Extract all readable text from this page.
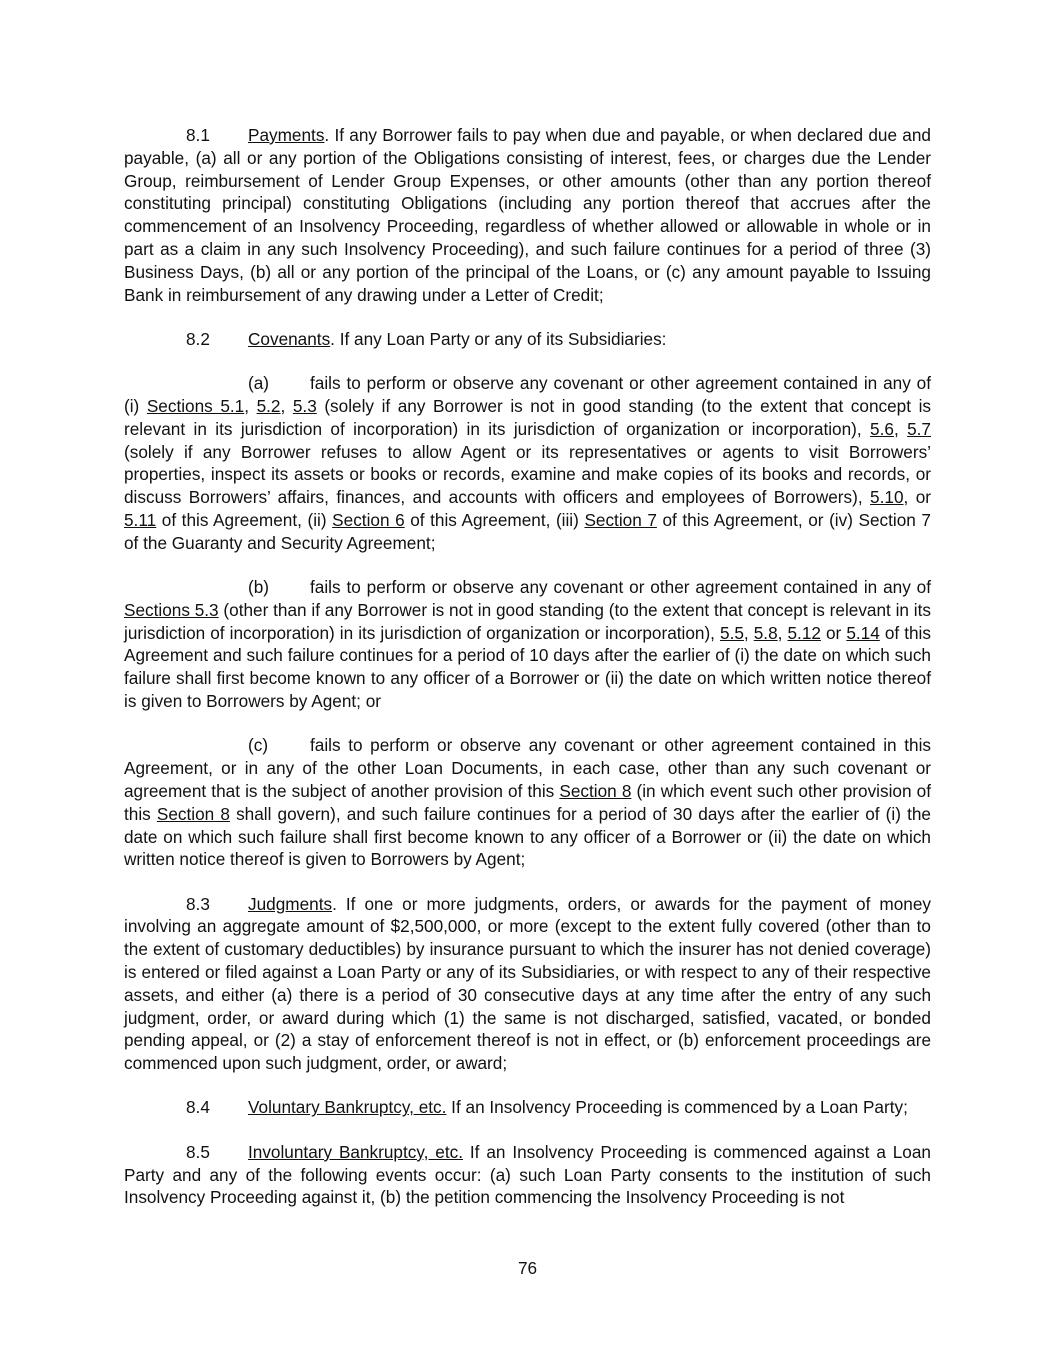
8.1 Payments. If any Borrower fails to pay when due and payable, or when declared due and payable, (a) all or any portion of the Obligations consisting of interest, fees, or charges due the Lender Group, reimbursement of Lender Group Expenses, or other amounts (other than any portion thereof constituting principal) constituting Obligations (including any portion thereof that accrues after the commencement of an Insolvency Proceeding, regardless of whether allowed or allowable in whole or in part as a claim in any such Insolvency Proceeding), and such failure continues for a period of three (3) Business Days, (b) all or any portion of the principal of the Loans, or (c) any amount payable to Issuing Bank in reimbursement of any drawing under a Letter of Credit;

8.2 Covenants. If any Loan Party or any of its Subsidiaries:

(a) fails to perform or observe any covenant or other agreement contained in any of (i) Sections 5.1, 5.2, 5.3 (solely if any Borrower is not in good standing (to the extent that concept is relevant in its jurisdiction of incorporation) in its jurisdiction of organization or incorporation), 5.6, 5.7 (solely if any Borrower refuses to allow Agent or its representatives or agents to visit Borrowers’ properties, inspect its assets or books or records, examine and make copies of its books and records, or discuss Borrowers’ affairs, finances, and accounts with officers and employees of Borrowers), 5.10, or 5.11 of this Agreement, (ii) Section 6 of this Agreement, (iii) Section 7 of this Agreement, or (iv) Section 7 of the Guaranty and Security Agreement;

(b) fails to perform or observe any covenant or other agreement contained in any of Sections 5.3 (other than if any Borrower is not in good standing (to the extent that concept is relevant in its jurisdiction of incorporation) in its jurisdiction of organization or incorporation), 5.5, 5.8, 5.12 or 5.14 of this Agreement and such failure continues for a period of 10 days after the earlier of (i) the date on which such failure shall first become known to any officer of a Borrower or (ii) the date on which written notice thereof is given to Borrowers by Agent; or

(c) fails to perform or observe any covenant or other agreement contained in this Agreement, or in any of the other Loan Documents, in each case, other than any such covenant or agreement that is the subject of another provision of this Section 8 (in which event such other provision of this Section 8 shall govern), and such failure continues for a period of 30 days after the earlier of (i) the date on which such failure shall first become known to any officer of a Borrower or (ii) the date on which written notice thereof is given to Borrowers by Agent;

8.3 Judgments. If one or more judgments, orders, or awards for the payment of money involving an aggregate amount of $2,500,000, or more (except to the extent fully covered (other than to the extent of customary deductibles) by insurance pursuant to which the insurer has not denied coverage) is entered or filed against a Loan Party or any of its Subsidiaries, or with respect to any of their respective assets, and either (a) there is a period of 30 consecutive days at any time after the entry of any such judgment, order, or award during which (1) the same is not discharged, satisfied, vacated, or bonded pending appeal, or (2) a stay of enforcement thereof is not in effect, or (b) enforcement proceedings are commenced upon such judgment, order, or award;

8.4 Voluntary Bankruptcy, etc. If an Insolvency Proceeding is commenced by a Loan Party;

8.5 Involuntary Bankruptcy, etc. If an Insolvency Proceeding is commenced against a Loan Party and any of the following events occur: (a) such Loan Party consents to the institution of such Insolvency Proceeding against it, (b) the petition commencing the Insolvency Proceeding is not

76
